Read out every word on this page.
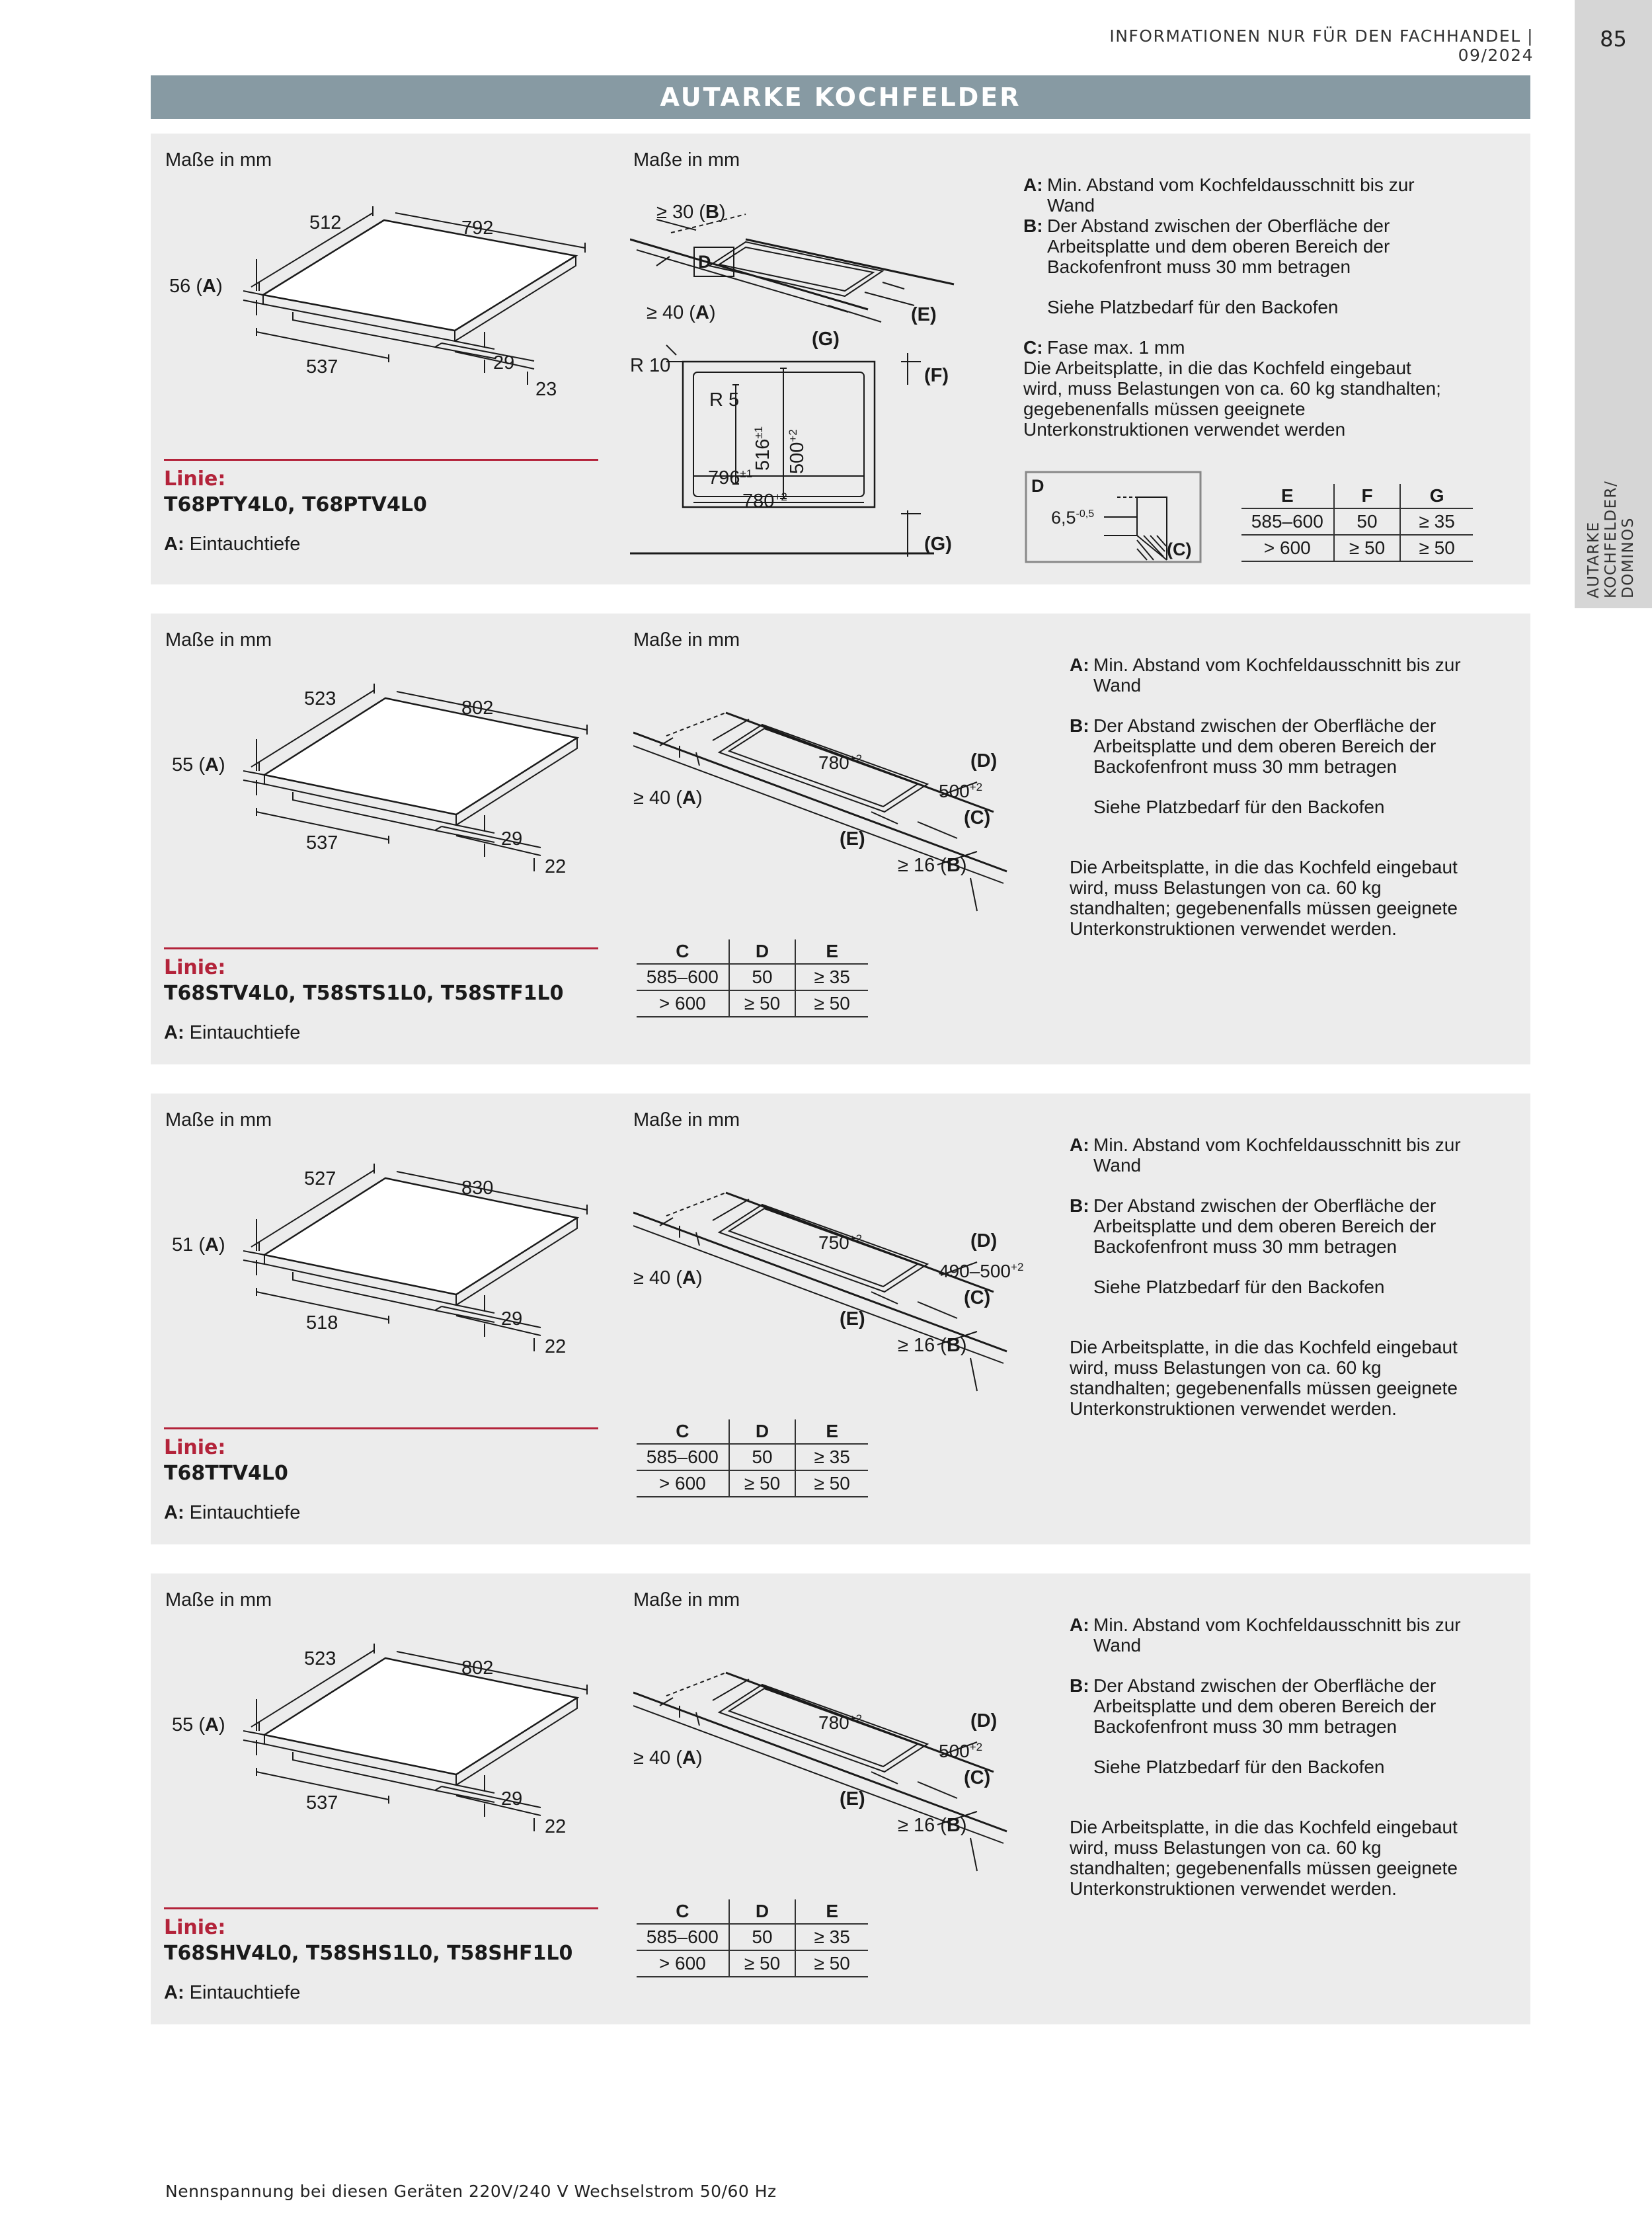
INFORMATIONEN NUR FÜR DEN FACHHANDEL | 09/2024
85
AUTARKE KOCHFELDER/ DOMINOS
AUTARKE KOCHFELDER
Maße in mm	Maße in mm
512	792
56 (A)
537	29
23
≥ 30 (B)
D
≥ 40 (A)	(E)
(G)
R 10	(F)
R 5
$516^{\pm 1}$
$500^{+2}$
$796^{\pm 1}$
$780^{+2}$
(G)
D
$6,5^{-0,5}$
(C)
A: Min. Abstand vom Kochfeldausschnitt bis zur Wand
B: Der Abstand zwischen der Oberfläche der Arbeitsplatte und dem oberen Bereich der Backofenfront muss 30 mm betragen
Siehe Platzbedarf für den Backofen
C: Fase max. 1 mm
Die Arbeitsplatte, in die das Kochfeld eingebaut wird, muss Belastungen von ca. 60 kg standhalten; gegebenenfalls müssen geeignete Unterkonstruktionen verwendet werden
E	F	G
585–600	50	≥ 35
> 600	≥ 50	≥ 50
Linie:
T68PTY4L0, T68PTV4L0
A: Eintauchtiefe
Maße in mm	Maße in mm
523	802
55 (A)
537	29
22
$780^{+2}$
≥ 40 (A)	$500^{+2}$
(D)
(C)
(E)
≥ 16 (B)
C	D	E
585–600	50	≥ 35
> 600	≥ 50	≥ 50
A: Min. Abstand vom Kochfeldausschnitt bis zur Wand
B: Der Abstand zwischen der Oberfläche der Arbeitsplatte und dem oberen Bereich der Backofenfront muss 30 mm betragen
Siehe Platzbedarf für den Backofen
Die Arbeitsplatte, in die das Kochfeld eingebaut wird, muss Belastungen von ca. 60 kg standhalten; gegebenenfalls müssen geeignete Unterkonstruktionen verwendet werden.
Linie:
T68STV4L0, T58STS1L0, T58STF1L0
A: Eintauchtiefe
Maße in mm	Maße in mm
527	830
51 (A)
518	29
22
$750^{+2}$
≥ 40 (A)	$490-500^{+2}$
(D)
(C)
(E)
≥ 16 (B)
C	D	E
585–600	50	≥ 35
> 600	≥ 50	≥ 50
A: Min. Abstand vom Kochfeldausschnitt bis zur Wand
B: Der Abstand zwischen der Oberfläche der Arbeitsplatte und dem oberen Bereich der Backofenfront muss 30 mm betragen
Siehe Platzbedarf für den Backofen
Die Arbeitsplatte, in die das Kochfeld eingebaut wird, muss Belastungen von ca. 60 kg standhalten; gegebenenfalls müssen geeignete Unterkonstruktionen verwendet werden.
Linie:
T68TTV4L0
A: Eintauchtiefe
Maße in mm	Maße in mm
523	802
55 (A)
537	29
22
$780^{+2}$
≥ 40 (A)	$500^{+2}$
(D)
(C)
(E)
≥ 16 (B)
C	D	E
585–600	50	≥ 35
> 600	≥ 50	≥ 50
A: Min. Abstand vom Kochfeldausschnitt bis zur Wand
B: Der Abstand zwischen der Oberfläche der Arbeitsplatte und dem oberen Bereich der Backofenfront muss 30 mm betragen
Siehe Platzbedarf für den Backofen
Die Arbeitsplatte, in die das Kochfeld eingebaut wird, muss Belastungen von ca. 60 kg standhalten; gegebenenfalls müssen geeignete Unterkonstruktionen verwendet werden.
Linie:
T68SHV4L0, T58SHS1L0, T58SHF1L0
A: Eintauchtiefe
Nennspannung bei diesen Geräten 220V/240 V Wechselstrom 50/60 Hz
